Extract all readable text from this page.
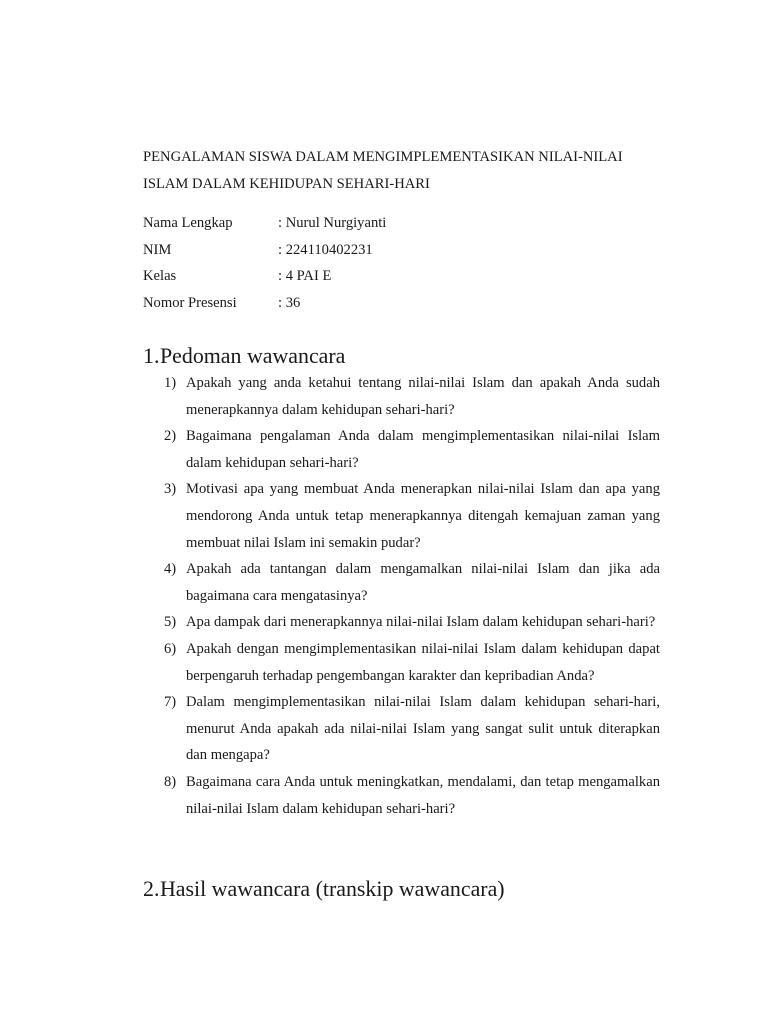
PENGALAMAN SISWA DALAM MENGIMPLEMENTASIKAN NILAI-NILAI
ISLAM DALAM KEHIDUPAN SEHARI-HARI
Nama Lengkap	: Nurul Nurgiyanti
NIM	: 224110402231
Kelas	: 4 PAI E
Nomor Presensi	: 36
1.Pedoman wawancara
1) Apakah yang anda ketahui tentang nilai-nilai Islam dan apakah Anda sudah menerapkannya dalam kehidupan sehari-hari?
2) Bagaimana pengalaman Anda dalam mengimplementasikan nilai-nilai Islam dalam kehidupan sehari-hari?
3) Motivasi apa yang membuat Anda menerapkan nilai-nilai Islam dan apa yang mendorong Anda untuk tetap menerapkannya ditengah kemajuan zaman yang membuat nilai Islam ini semakin pudar?
4) Apakah ada tantangan dalam mengamalkan nilai-nilai Islam dan jika ada bagaimana cara mengatasinya?
5) Apa dampak dari menerapkannya nilai-nilai Islam dalam kehidupan sehari-hari?
6) Apakah dengan mengimplementasikan nilai-nilai Islam dalam kehidupan dapat berpengaruh terhadap pengembangan karakter dan kepribadian Anda?
7) Dalam mengimplementasikan nilai-nilai Islam dalam kehidupan sehari-hari, menurut Anda apakah ada nilai-nilai Islam yang sangat sulit untuk diterapkan dan mengapa?
8) Bagaimana cara Anda untuk meningkatkan, mendalami, dan tetap mengamalkan nilai-nilai Islam dalam kehidupan sehari-hari?
2.Hasil wawancara (transkip wawancara)
